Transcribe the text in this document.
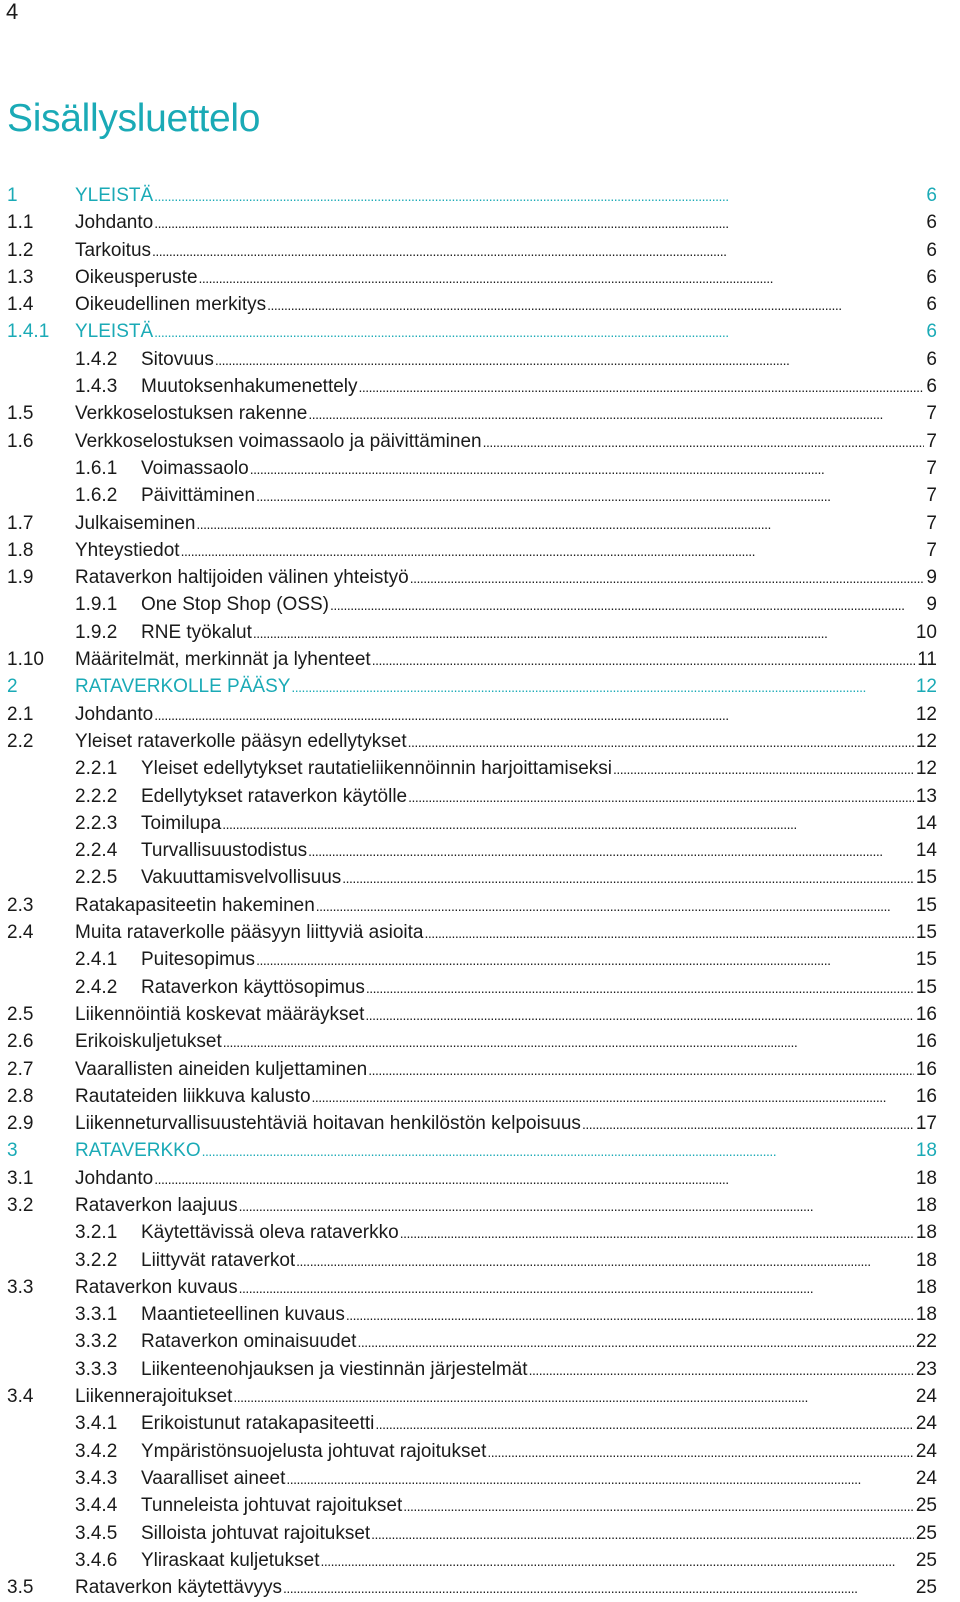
4
Sisällysluettelo
1	YLEISTÄ . . .	6
1.1 Johdanto . . .	6
1.2 Tarkoitus . . .	6
1.3 Oikeusperuste . . .	6
1.4 Oikeudellinen merkitys . . .	6
1.4.1 YLEISTÄ . . .	6
1.4.2 Sitovuus . . .	6
1.4.3 Muutoksenhakumenettely . . .	6
1.5 Verkkoselostuksen rakenne . . .	7
1.6 Verkkoselostuksen voimassaolo ja päivittäminen . . .	7
1.6.1 Voimassaolo . . .	7
1.6.2 Päivittäminen . . .	7
1.7 Julkaiseminen . . .	7
1.8 Yhteystiedot . . .	7
1.9 Rataverkon haltijoiden välinen yhteistyö . . .	9
1.9.1 One Stop Shop (OSS) . . .	9
1.9.2 RNE työkalut . . .	10
1.10 Määritelmät, merkinnät ja lyhenteet . . .	11
2	RATAVERKOLLE PÄÄSY . . .	12
2.1 Johdanto . . .	12
2.2 Yleiset rataverkolle pääsyn edellytykset . . .	12
2.2.1 Yleiset edellytykset rautatieliikennöinnin harjoittamiseksi . . .	12
2.2.2 Edellytykset rataverkon käytölle . . .	13
2.2.3 Toimilupa . . .	14
2.2.4 Turvallisuustodistus . . .	14
2.2.5 Vakuuttamisvelvollisuus . . .	15
2.3 Ratakapasiteetin hakeminen . . .	15
2.4 Muita rataverkolle pääsyyn liittyviä asioita . . .	15
2.4.1 Puitesopimus . . .	15
2.4.2 Rataverkon käyttösopimus . . .	15
2.5 Liikennöintiä koskevat määräykset . . .	16
2.6 Erikoiskuljetukset . . .	16
2.7 Vaarallisten aineiden kuljettaminen . . .	16
2.8 Rautateiden liikkuva kalusto . . .	16
2.9 Liikenneturvallisuustehtäviä hoitavan henkilöstön kelpoisuus . . .	17
3	RATAVERKKO . . .	18
3.1 Johdanto . . .	18
3.2 Rataverkon laajuus . . .	18
3.2.1 Käytettävissä oleva rataverkko . . .	18
3.2.2 Liittyvät rataverkot . . .	18
3.3 Rataverkon kuvaus . . .	18
3.3.1 Maantieteellinen kuvaus . . .	18
3.3.2 Rataverkon ominaisuudet . . .	22
3.3.3 Liikenteenohjauksen ja viestinnän järjestelmät . . .	23
3.4 Liikennerajoitukset . . .	24
3.4.1 Erikoistunut ratakapasiteetti . . .	24
3.4.2 Ympäristönsuojelusta johtuvat rajoitukset . . .	24
3.4.3 Vaaralliset aineet . . .	24
3.4.4 Tunneleista johtuvat rajoitukset . . .	25
3.4.5 Silloista johtuvat rajoitukset . . .	25
3.4.6 Yliraskaat kuljetukset . . .	25
3.5 Rataverkon käytettävyys . . .	25
